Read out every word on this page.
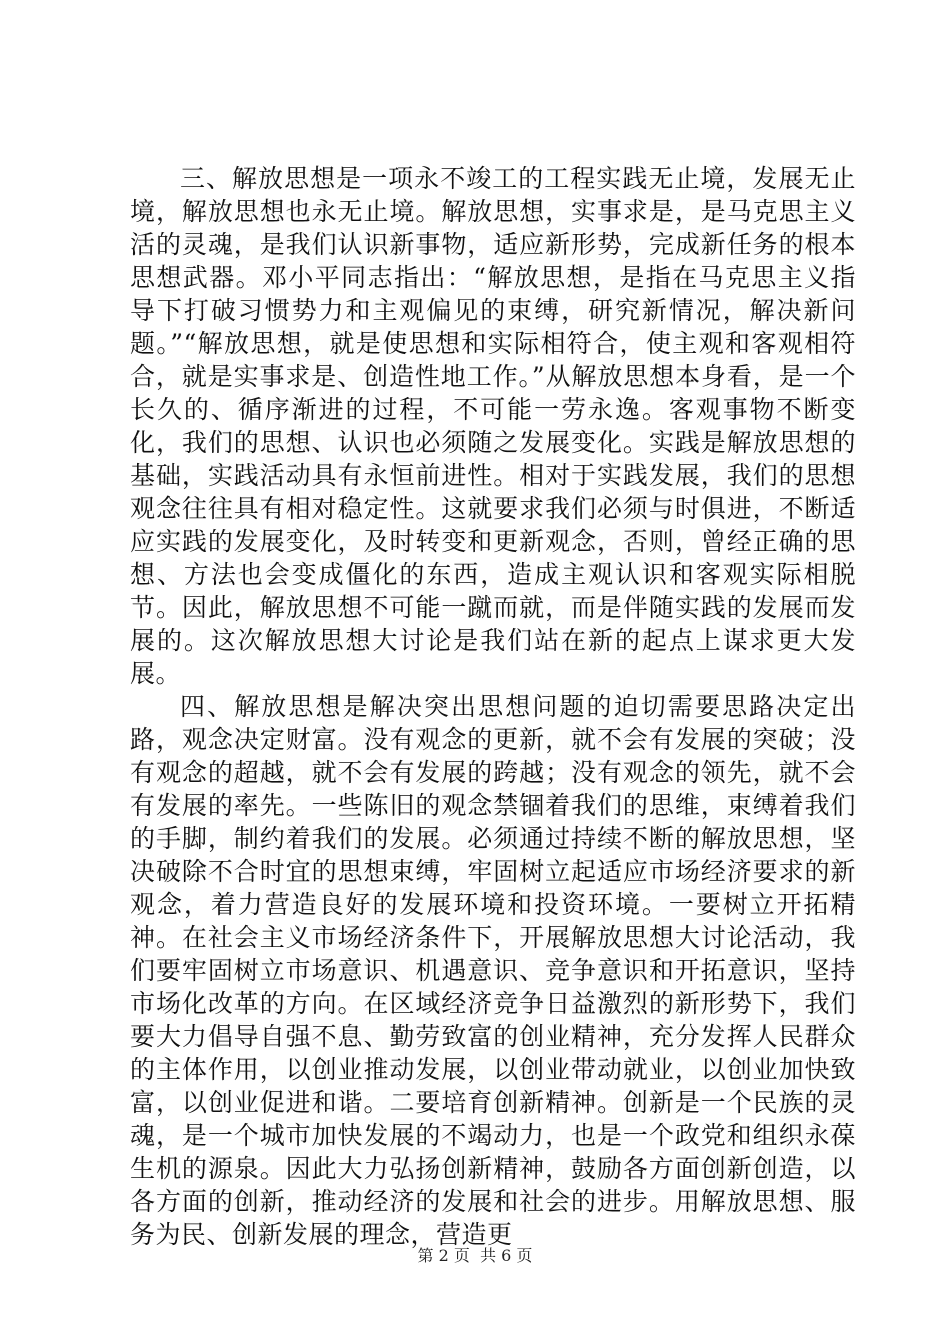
三、解放思想是一项永不竣工的工程实践无止境，发展无止境，解放思想也永无止境。解放思想，实事求是，是马克思主义活的灵魂，是我们认识新事物，适应新形势，完成新任务的根本思想武器。邓小平同志指出：“解放思想，是指在马克思主义指导下打破习惯势力和主观偏见的束缚，研究新情况，解决新问题。”“解放思想，就是使思想和实际相符合，使主观和客观相符合，就是实事求是、创造性地工作。”从解放思想本身看，是一个长久的、循序渐进的过程，不可能一劳永逸。客观事物不断变化，我们的思想、认识也必须随之发展变化。实践是解放思想的基础，实践活动具有永恒前进性。相对于实践发展，我们的思想观念往往具有相对稳定性。这就要求我们必须与时俱进，不断适应实践的发展变化，及时转变和更新观念，否则，曾经正确的思想、方法也会变成僵化的东西，造成主观认识和客观实际相脱节。因此，解放思想不可能一蹴而就，而是伴随实践的发展而发展的。这次解放思想大讨论是我们站在新的起点上谋求更大发展。

四、解放思想是解决突出思想问题的迫切需要思路决定出路，观念决定财富。没有观念的更新，就不会有发展的突破；没有观念的超越，就不会有发展的跨越；没有观念的领先，就不会有发展的率先。一些陈旧的观念禁锢着我们的思维，束缚着我们的手脚，制约着我们的发展。必须通过持续不断的解放思想，坚决破除不合时宜的思想束缚，牢固树立起适应市场经济要求的新观念，着力营造良好的发展环境和投资环境。一要树立开拓精神。在社会主义市场经济条件下，开展解放思想大讨论活动，我们要牢固树立市场意识、机遇意识、竞争意识和开拓意识，坚持市场化改革的方向。在区域经济竞争日益激烈的新形势下，我们要大力倡导自强不息、勤劳致富的创业精神，充分发挥人民群众的主体作用，以创业推动发展，以创业带动就业，以创业加快致富，以创业促进和谐。二要培育创新精神。创新是一个民族的灵魂，是一个城市加快发展的不竭动力，也是一个政党和组织永葆生机的源泉。因此大力弘扬创新精神，鼓励各方面创新创造，以各方面的创新，推动经济的发展和社会的进步。用解放思想、服务为民、创新发展的理念，营造更

第 2 页  共 6 页
